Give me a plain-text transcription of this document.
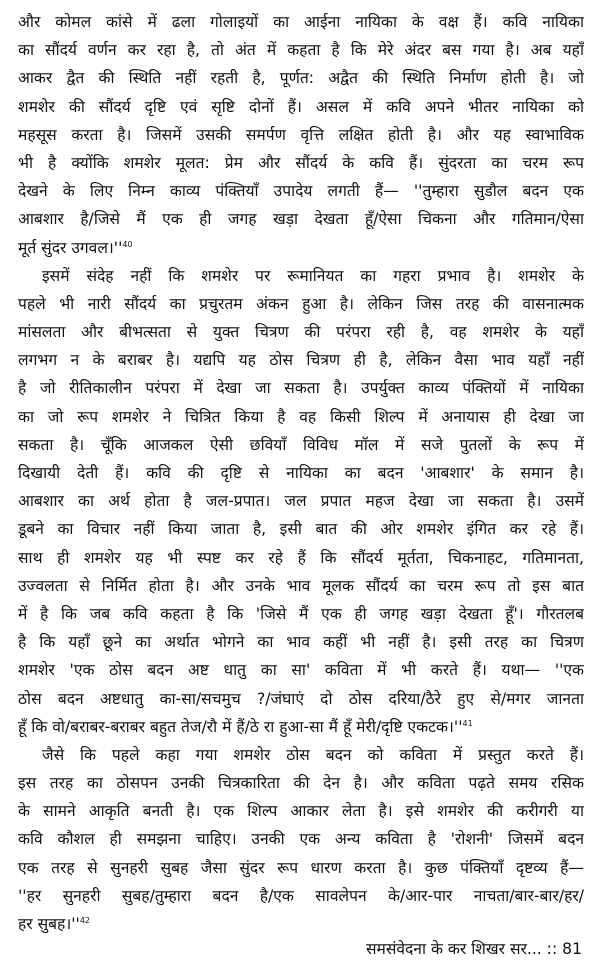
और कोमल कांसे में ढला गोलाइयों का आईना नायिका के वक्ष हैं। कवि नायिका
का सौंदर्य वर्णन कर रहा है, तो अंत में कहता है कि मेरे अंदर बस गया है। अब यहाँ
आकर द्वैत की स्थिति नहीं रहती है, पूर्णत: अद्वैत की स्थिति निर्माण होती है। जो
शमशेर की सौंदर्य दृष्टि एवं सृष्टि दोनों हैं। असल में कवि अपने भीतर नायिका को
महसूस करता है। जिसमें उसकी समर्पण वृत्ति लक्षित होती है। और यह स्वाभाविक
भी है क्योंकि शमशेर मूलत: प्रेम और सौंदर्य के कवि हैं। सुंदरता का चरम रूप
देखने के लिए निम्न काव्य पंक्तियाँ उपादेय लगती हैं— ''तुम्हारा सुडौल बदन एक
आबशार है/जिसे मैं एक ही जगह खड़ा देखता हूँ/ऐसा चिकना और गतिमान/ऐसा
मूर्त सुंदर $उगवल।''^{40}$
इसमें संदेह नहीं कि शमशेर पर रूमानियत का गहरा प्रभाव है। शमशेर के
पहले भी नारी सौंदर्य का प्रचुरतम अंकन हुआ है। लेकिन जिस तरह की वासनात्मक
मांसलता और बीभत्सता से युक्त चित्रण की परंपरा रही है, वह शमशेर के यहाँ
लगभग न के बराबर है। यद्यपि यह ठोस चित्रण ही है, लेकिन वैसा भाव यहाँ नहीं
है जो रीतिकालीन परंपरा में देखा जा सकता है। उपर्युक्त काव्य पंक्तियों में नायिका
का जो रूप शमशेर ने चित्रित किया है वह किसी शिल्प में अनायास ही देखा जा
सकता है। चूँकि आजकल ऐसी छवियाँ विविध मॉल में सजे पुतलों के रूप में
दिखायी देती हैं। कवि की दृष्टि से नायिका का बदन 'आबशार' के समान है।
आबशार का अर्थ होता है जल-प्रपात। जल प्रपात महज देखा जा सकता है। उसमें
डूबने का विचार नहीं किया जाता है, इसी बात की ओर शमशेर इंगित कर रहे हैं।
साथ ही शमशेर यह भी स्पष्ट कर रहे हैं कि सौंदर्य मूर्तता, चिकनाहट, गतिमानता,
उज्वलता से निर्मित होता है। और उनके भाव मूलक सौंदर्य का चरम रूप तो इस बात
में है कि जब कवि कहता है कि 'जिसे मैं एक ही जगह खड़ा देखता हूँ'। गौरतलब
है कि यहाँ छूने का अर्थात भोगने का भाव कहीं भी नहीं है। इसी तरह का चित्रण
शमशेर 'एक ठोस बदन अष्ट धातु का सा' कविता में भी करते हैं। यथा— ''एक
ठोस बदन अष्टधातु का-सा/सचमुच ?/जंघाएं दो ठोस दरिया/ठैरे हुए से/मगर जानता
हूँ कि वो/बराबर-बराबर बहुत तेज/रौ में हैं/ठे रा हुआ-सा मैं हूँ मेरी/दृष्टि $एकटक।''^{41}$
जैसे कि पहले कहा गया शमशेर ठोस बदन को कविता में प्रस्तुत करते हैं।
इस तरह का ठोसपन उनकी चित्रकारिता की देन है। और कविता पढ़ते समय रसिक
के सामने आकृति बनती है। एक शिल्प आकार लेता है। इसे शमशेर की करीगरी या
कवि कौशल ही समझना चाहिए। उनकी एक अन्य कविता है 'रोशनी' जिसमें बदन
एक तरह से सुनहरी सुबह जैसा सुंदर रूप धारण करता है। कुछ पंक्तियाँ दृष्टव्य हैं—
''हर सुनहरी सुबह/तुम्हारा बदन है/एक सावलेपन के/आर-पार नाचता/बार-बार/हर/
हर $सुबह।''^{42}$
समसंवेदना के कर शिखर सर... :: 81
